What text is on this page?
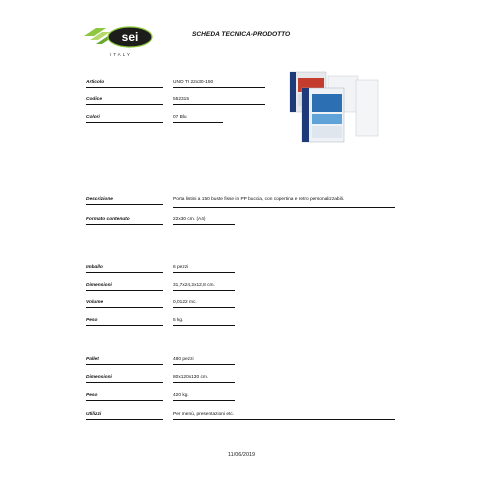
sei
ITALY
SCHEDA TECNICA-PRODOTTO
Articolo	UNO TI 22x30-150
Codice	552315
Colori	07 Blu
Descrizione	Porta listini a 150 buste fisse in PP buccia, con copertina e retro personalizzabili.
Formato contenuto	22x30 cm. (A4)
Imballo	6 pezzi
Dimensioni	31,7x24,2x12,8 cm.
Volume	0,0122 mc.
Peso	5 kg.
Pallet	480 pezzi
Dimensioni	80x120x130 cm.
Peso	420 kg.
Utilizzi	Per menù, presentazioni etc.
11/06/2019
